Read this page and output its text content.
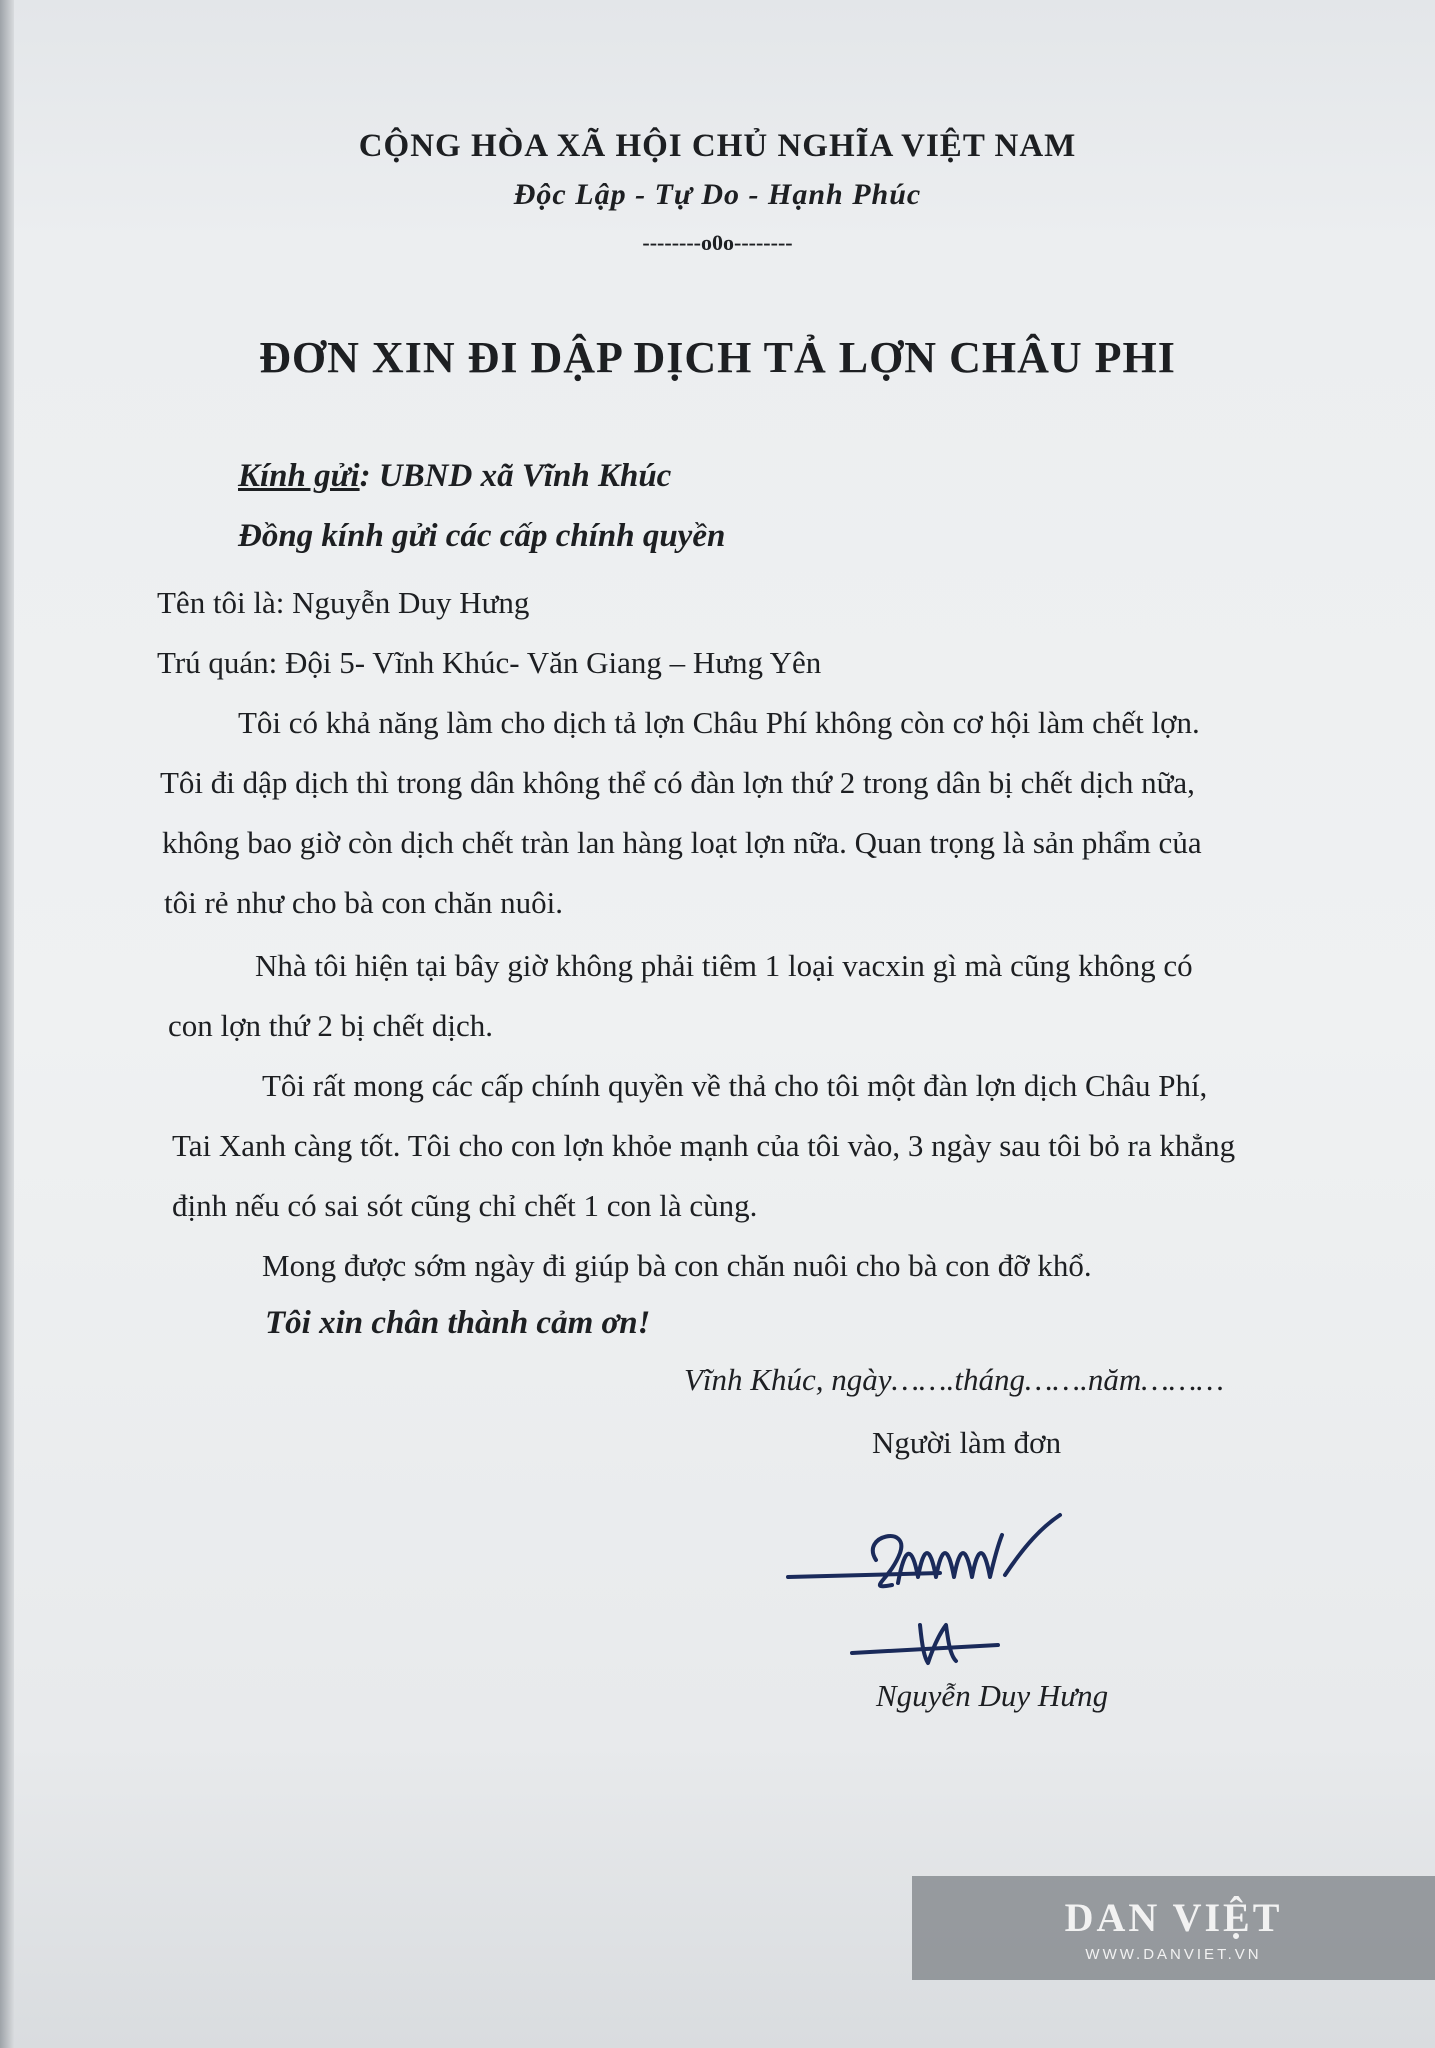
CỘNG HÒA XÃ HỘI CHỦ NGHĨA VIỆT NAM
Độc Lập - Tự Do - Hạnh Phúc
--------o0o--------
ĐƠN XIN ĐI DẬP DỊCH TẢ LỢN CHÂU PHI
Kính gửi: UBND xã Vĩnh Khúc
Đồng kính gửi các cấp chính quyền
Tên tôi là: Nguyễn Duy Hưng
Trú quán: Đội 5- Vĩnh Khúc- Văn Giang – Hưng Yên
Tôi có khả năng làm cho dịch tả lợn Châu Phí không còn cơ hội làm chết lợn.
Tôi đi dập dịch thì trong dân không thể có đàn lợn thứ 2 trong dân bị chết dịch nữa,
không bao giờ còn dịch chết tràn lan hàng loạt lợn nữa. Quan trọng là sản phẩm của
tôi rẻ như cho bà con chăn nuôi.
Nhà tôi hiện tại bây giờ không phải tiêm 1 loại vacxin gì mà cũng không có
con lợn thứ 2 bị chết dịch.
Tôi rất mong các cấp chính quyền về thả cho tôi một đàn lợn dịch Châu Phí,
Tai Xanh càng tốt. Tôi cho con lợn khỏe mạnh của tôi vào, 3 ngày sau tôi bỏ ra khẳng
định nếu có sai sót cũng chỉ chết 1 con là cùng.
Mong được sớm ngày đi giúp bà con chăn nuôi cho bà con đỡ khổ.
Tôi xin chân thành cảm ơn!
Vĩnh Khúc, ngày…….tháng…….năm………
Người làm đơn
Nguyễn Duy Hưng
DAN VIỆT
WWW.DANVIET.VN
